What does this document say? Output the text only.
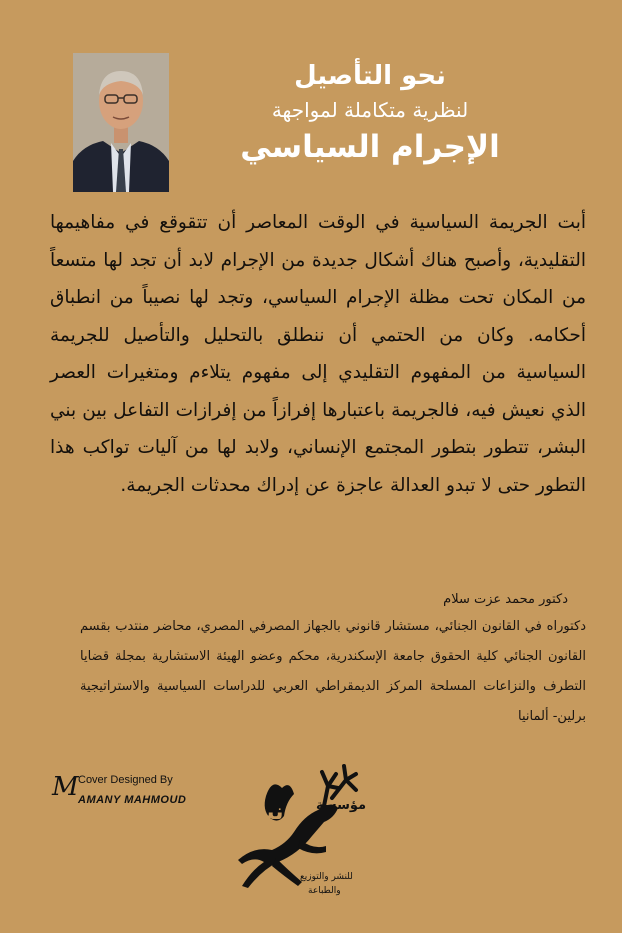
نحو التأصيل
لنظرية متكاملة لمواجهة
الإجرام السياسي
أبت الجريمة السياسية في الوقت المعاصر أن تتقوقع في مفاهيمها التقليدية، وأصبح هناك أشكال جديدة من الإجرام لابد أن تجد لها متسعاً من المكان تحت مظلة الإجرام السياسي، وتجد لها نصيباً من انطباق أحكامه. وكان من الحتمي أن ننطلق بالتحليل والتأصيل للجريمة السياسية من المفهوم التقليدي إلى مفهوم يتلاءم ومتغيرات العصر الذي نعيش فيه، فالجريمة باعتبارها إفرازاً من إفرازات التفاعل بين بني البشر، تتطور بتطور المجتمع الإنساني، ولابد لها من آليات تواكب هذا التطور حتى لا تبدو العدالة عاجزة عن إدراك محدثات الجريمة.
دكتور محمد عزت سلام
دكتوراه في القانون الجنائي، مستشار قانوني بالجهاز المصرفي المصري، محاضر منتدب بقسم القانون الجنائي كلية الحقوق جامعة الإسكندرية، محكم وعضو الهيئة الاستشارية بمجلة قضايا التطرف والنزاعات المسلحة المركز الديمقراطي العربي للدراسات السياسية والاستراتيجية برلين- ألمانيا
M Cover Designed By
AMANY MAHMOUD	مؤسسة
دنيا
للنشر والتوزيع
والطباعة
